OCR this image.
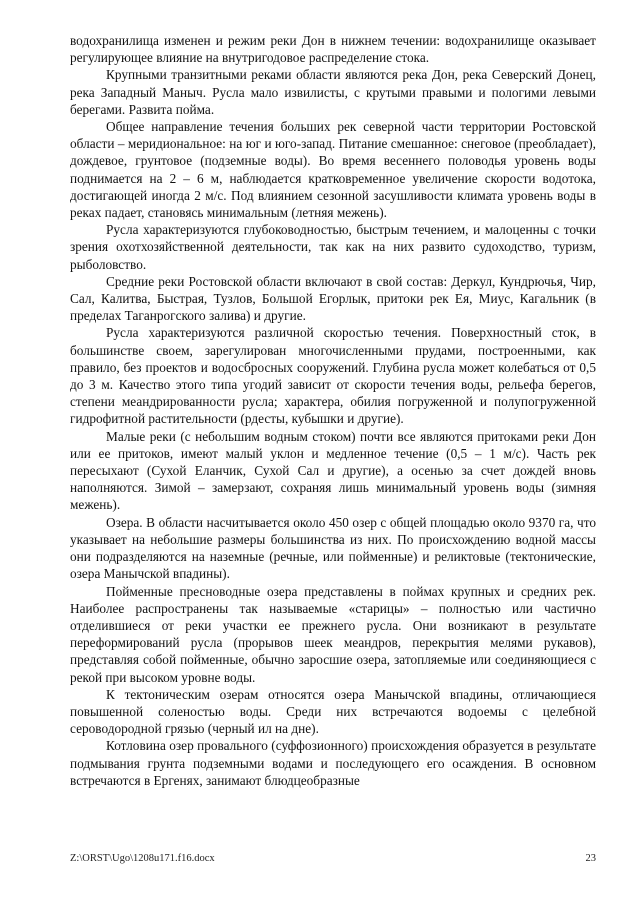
водохранилища изменен и режим реки Дон в нижнем течении: водохранилище оказывает регулирующее влияние на внутригодовое распределение стока.

Крупными транзитными реками области являются река Дон, река Северский Донец, река Западный Маныч. Русла мало извилисты, с крутыми правыми и пологими левыми берегами. Развита пойма.

Общее направление течения больших рек северной части территории Ростовской области – меридиональное: на юг и юго-запад. Питание смешанное: снеговое (преобладает), дождевое, грунтовое (подземные воды). Во время весеннего половодья уровень воды поднимается на 2 – 6 м, наблюдается кратковременное увеличение скорости водотока, достигающей иногда 2 м/с. Под влиянием сезонной засушливости климата уровень воды в реках падает, становясь минимальным (летняя межень).

Русла характеризуются глубоководностью, быстрым течением, и малоценны с точки зрения охотхозяйственной деятельности, так как на них развито судоходство, туризм, рыболовство.

Средние реки Ростовской области включают в свой состав: Деркул, Кундрючья, Чир, Сал, Калитва, Быстрая, Тузлов, Большой Егорлык, притоки рек Ея, Миус, Кагальник (в пределах Таганрогского залива) и другие.

Русла характеризуются различной скоростью течения. Поверхностный сток, в большинстве своем, зарегулирован многочисленными прудами, построенными, как правило, без проектов и водосбросных сооружений. Глубина русла может колебаться от 0,5 до 3 м. Качество этого типа угодий зависит от скорости течения воды, рельефа берегов, степени меандрированности русла; характера, обилия погруженной и полупогруженной гидрофитной растительности (рдесты, кубышки и другие).

Малые реки (с небольшим водным стоком) почти все являются притоками реки Дон или ее притоков, имеют малый уклон и медленное течение (0,5 – 1 м/с). Часть рек пересыхают (Сухой Еланчик, Сухой Сал и другие), а осенью за счет дождей вновь наполняются. Зимой – замерзают, сохраняя лишь минимальный уровень воды (зимняя межень).

Озера. В области насчитывается около 450 озер с общей площадью около 9370 га, что указывает на небольшие размеры большинства из них. По происхождению водной массы они подразделяются на наземные (речные, или пойменные) и реликтовые (тектонические, озера Манычской впадины).

Пойменные пресноводные озера представлены в поймах крупных и средних рек. Наиболее распространены так называемые «старицы» – полностью или частично отделившиеся от реки участки ее прежнего русла. Они возникают в результате переформирований русла (прорывов шеек меандров, перекрытия мелями рукавов), представляя собой пойменные, обычно заросшие озера, затопляемые или соединяющиеся с рекой при высоком уровне воды.

К тектоническим озерам относятся озера Манычской впадины, отличающиеся повышенной соленостью воды. Среди них встречаются водоемы с целебной сероводородной грязью (черный ил на дне).

Котловина озер провального (суффозионного) происхождения образуется в результате подмывания грунта подземными водами и последующего его осаждения. В основном встречаются в Ергенях, занимают блюдцеобразные

Z:\ORST\Ugo\1208u171.f16.docx	23
